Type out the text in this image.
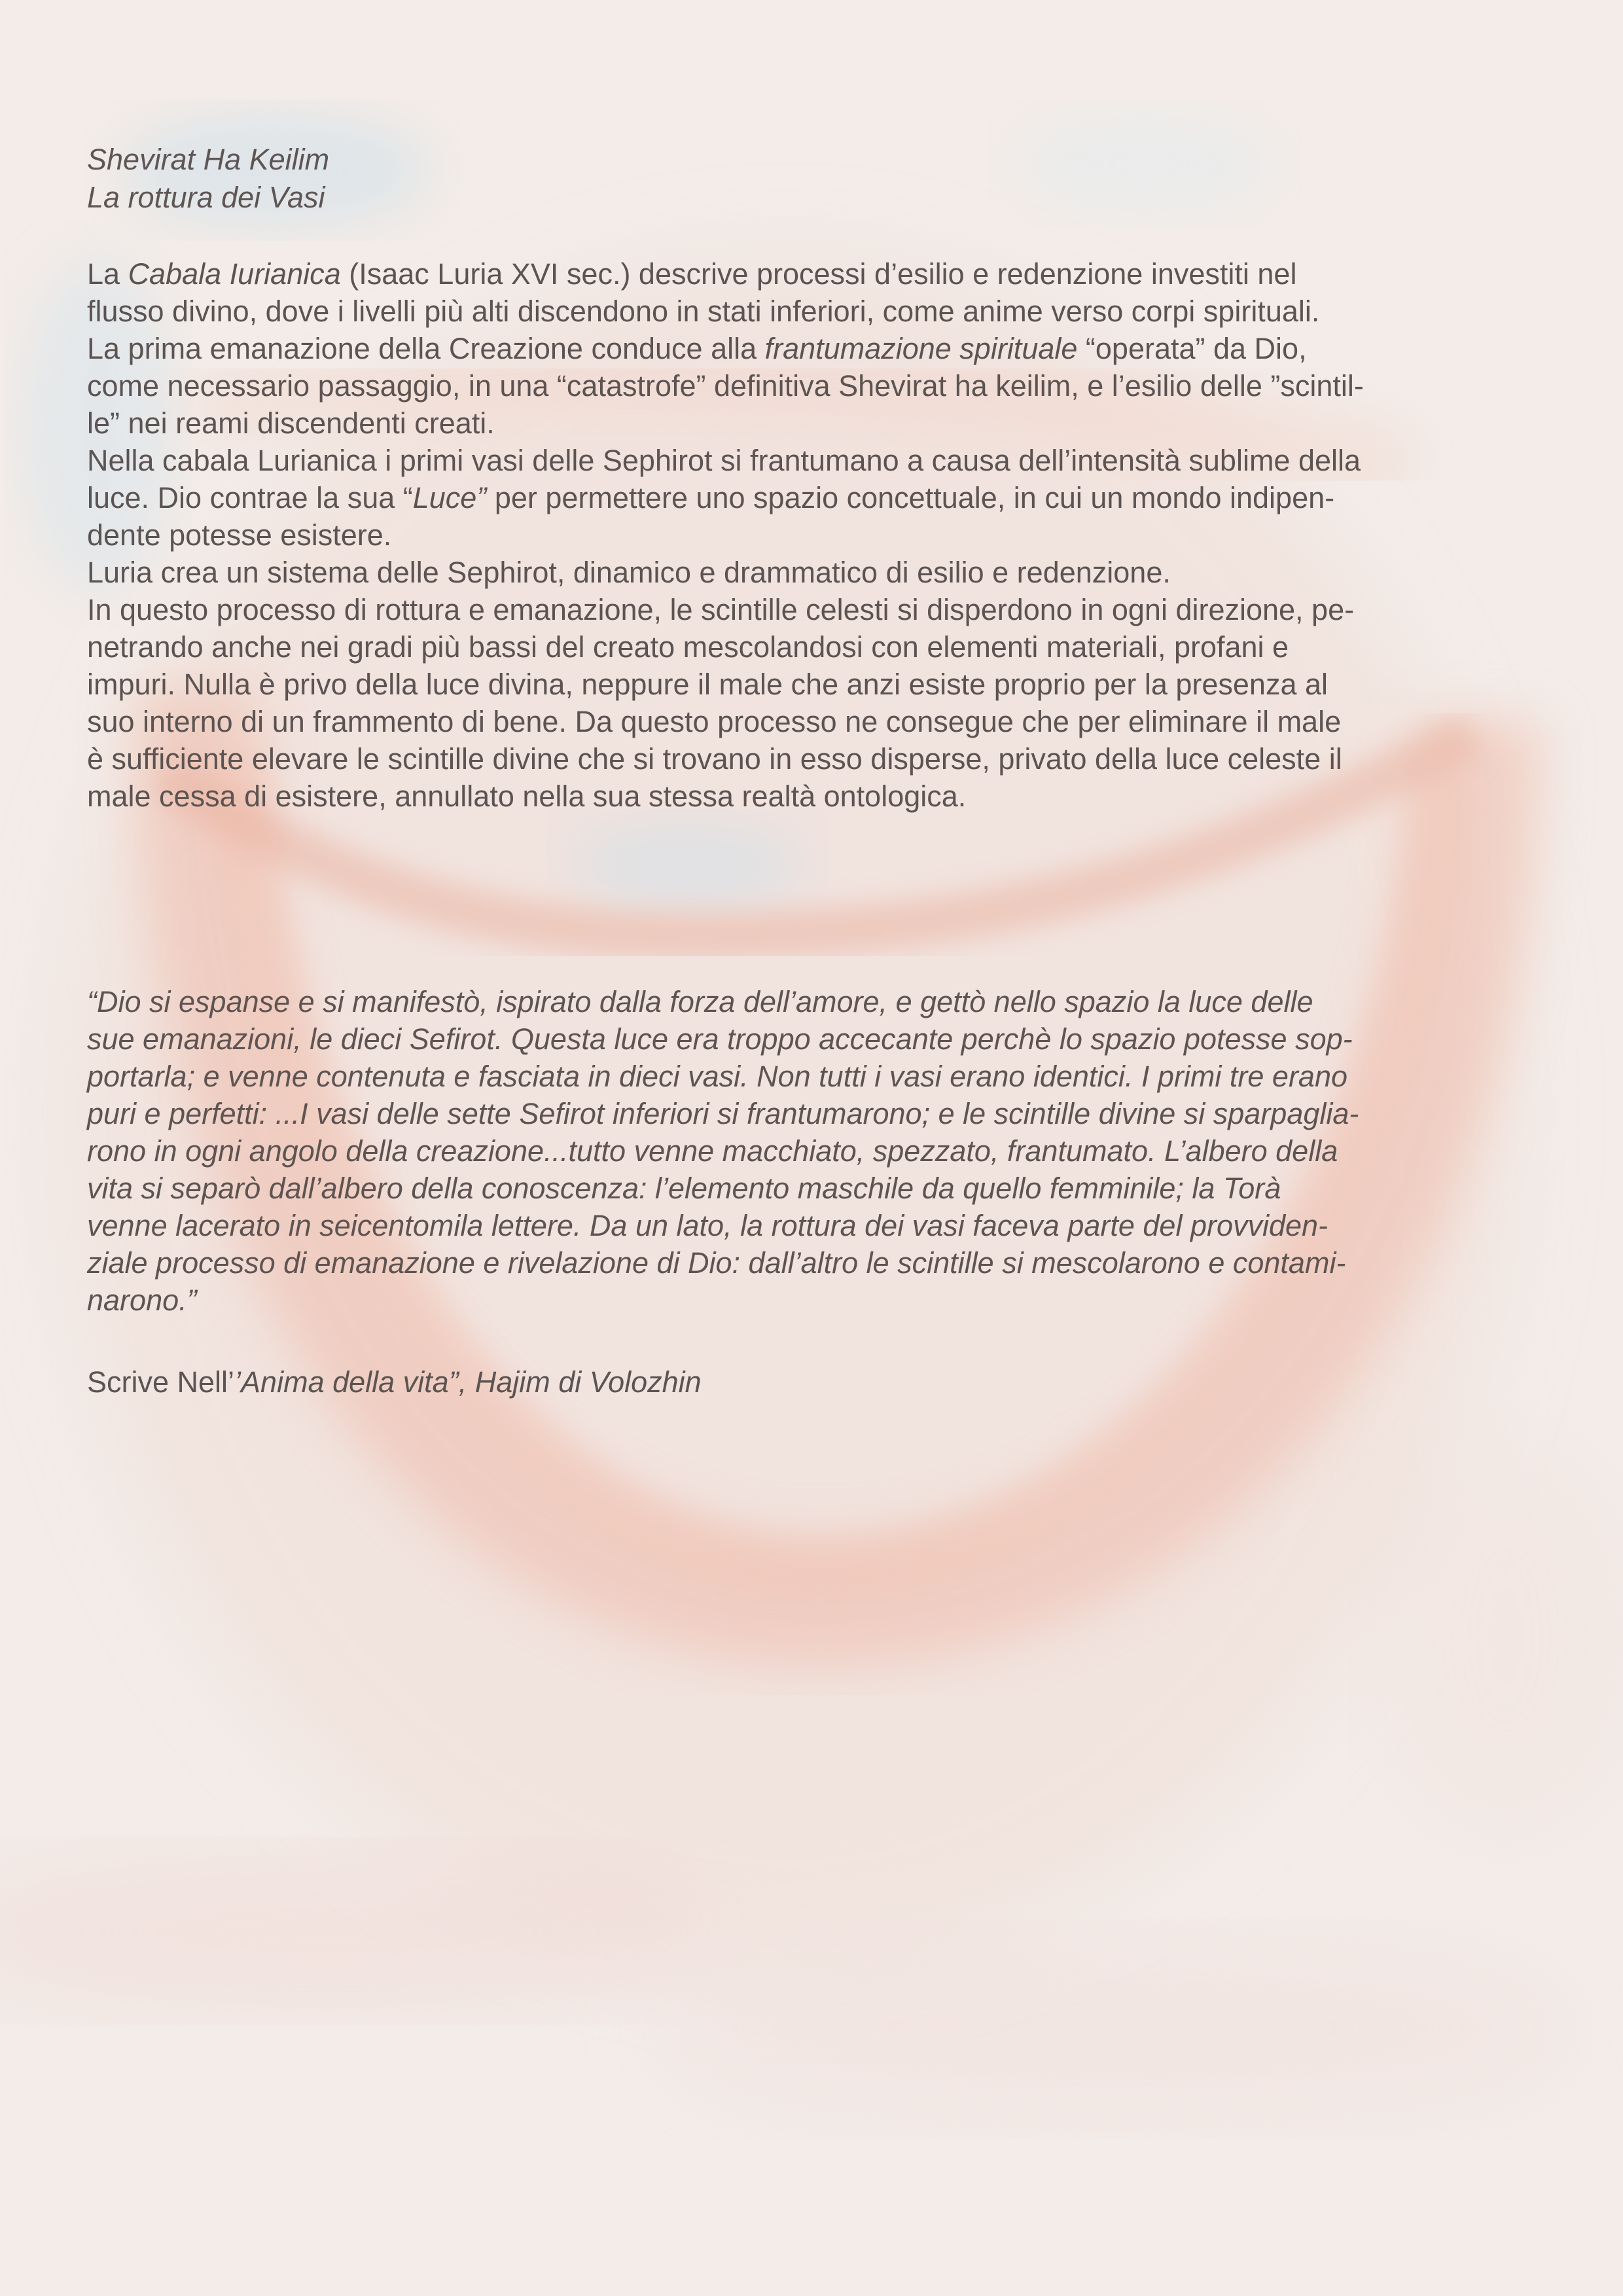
Shevirat Ha Keilim

La rottura dei Vasi

La Cabala Iurianica (Isaac Luria XVI sec.) descrive processi d’esilio e redenzione investiti nel

flusso divino, dove i livelli più alti discendono in stati inferiori, come anime verso corpi spirituali.

La prima emanazione della Creazione conduce alla frantumazione spirituale “operata” da Dio,

come necessario passaggio, in una “catastrofe” definitiva Shevirat ha keilim, e l’esilio delle ”scintil-

le” nei reami discendenti creati.

Nella cabala Lurianica i primi vasi delle Sephirot si frantumano a causa dell’intensità sublime della

luce. Dio contrae la sua “Luce” per permettere uno spazio concettuale, in cui un mondo indipen-

dente potesse esistere.

Luria crea un sistema delle Sephirot, dinamico e drammatico di esilio e redenzione.

In questo processo di rottura e emanazione, le scintille celesti si disperdono in ogni direzione, pe-

netrando anche nei gradi più bassi del creato mescolandosi con elementi materiali, profani e

impuri. Nulla è privo della luce divina, neppure il male che anzi esiste proprio per la presenza al

suo interno di un frammento di bene. Da questo processo ne consegue che per eliminare il male

è sufficiente elevare le scintille divine che si trovano in esso disperse, privato della luce celeste il

male cessa di esistere, annullato nella sua stessa realtà ontologica.

“Dio si espanse e si manifestò, ispirato dalla forza dell’amore, e gettò nello spazio la luce delle

sue emanazioni, le dieci Sefirot. Questa luce era troppo accecante perchè lo spazio potesse sop-

portarla; e venne contenuta e fasciata in dieci vasi. Non tutti i vasi erano identici. I primi tre erano

puri e perfetti: ...I vasi delle sette Sefirot inferiori si frantumarono; e le scintille divine si sparpaglia-

rono in ogni angolo della creazione...tutto venne macchiato, spezzato, frantumato. L’albero della

vita si separò dall’albero della conoscenza: l’elemento maschile da quello femminile; la Torà

venne lacerato in seicentomila lettere. Da un lato, la rottura dei vasi faceva parte del provviden-

ziale processo di emanazione e rivelazione di Dio: dall’altro le scintille si mescolarono e contami-

narono.”

Scrive Nell’’Anima della vita”, Hajim di Volozhin
